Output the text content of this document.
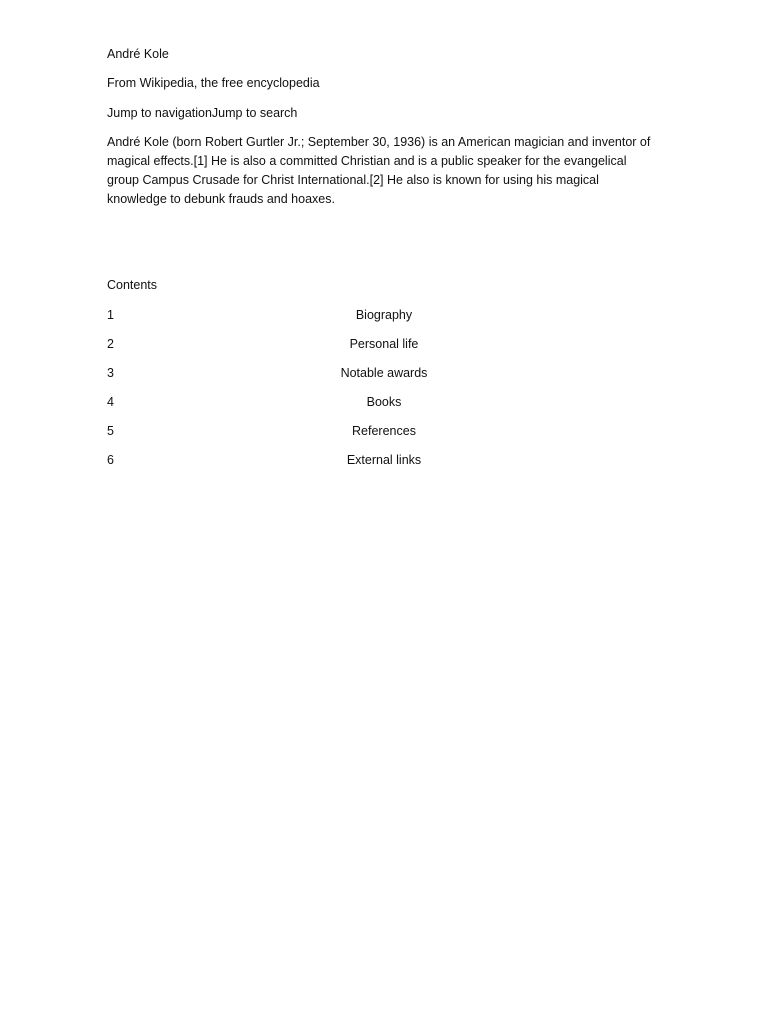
André Kole
From Wikipedia, the free encyclopedia
Jump to navigationJump to search
André Kole (born Robert Gurtler Jr.; September 30, 1936) is an American magician and inventor of
magical effects.[1] He is also a committed Christian and is a public speaker for the evangelical
group Campus Crusade for Christ International.[2] He also is known for using his magical
knowledge to debunk frauds and hoaxes.
Contents
1	Biography
2	Personal life
3	Notable awards
4	Books
5	References
6	External links
